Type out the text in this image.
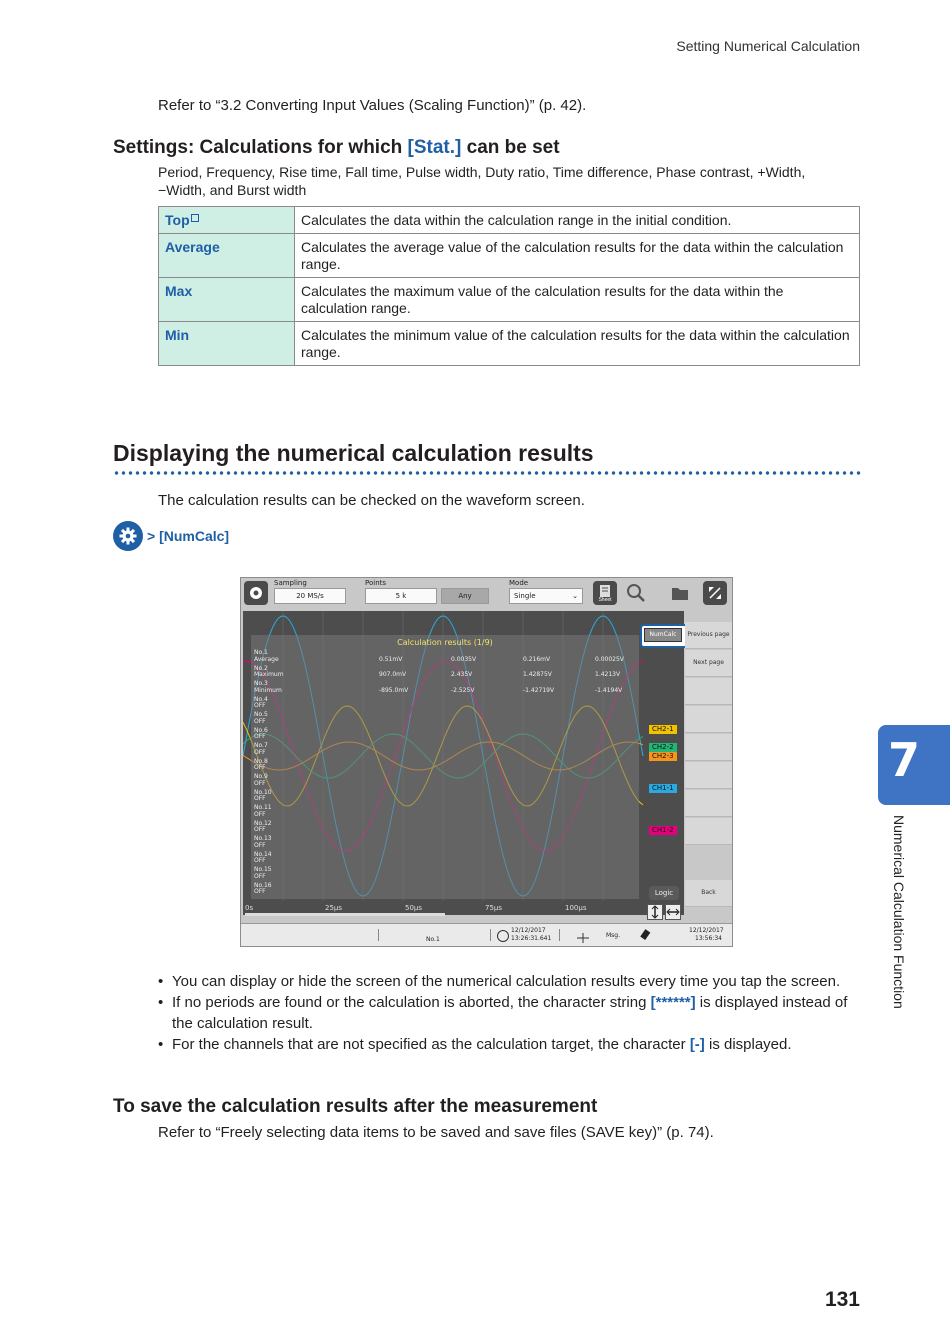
Setting Numerical Calculation
Refer to “3.2 Converting Input Values (Scaling Function)” (p. 42).
Settings: Calculations for which [Stat.] can be set
Period, Frequency, Rise time, Fall time, Pulse width, Duty ratio, Time difference, Phase contrast, +Width, −Width, and Burst width
Top	Calculates the data within the calculation range in the initial condition.
Average	Calculates the average value of the calculation results for the data within the calculation range.
Max	Calculates the maximum value of the calculation results for the data within the calculation range.
Min	Calculates the minimum value of the calculation results for the data within the calculation range.
Displaying the numerical calculation results
The calculation results can be checked on the waveform screen.
> [NumCalc]
Sampling
20 MS/s
Points
5 k	Any
Mode
Single	⌄	Sheet
Calculation results (1/9)
No.1
Average	0.51mV	0.0035V	0.216mV	0.00025V
No.2
Maximum	907.0mV	2.435V	1.42875V	1.4213V
No.3
Minimum	-895.0mV	-2.525V	-1.42719V	-1.4194V
No.4
OFF
No.5
OFF
No.6
OFF
No.7
OFF
No.8
OFF
No.9
OFF
No.10
OFF
No.11
OFF
No.12
OFF
No.13
OFF
No.14
OFF
No.15
OFF
No.16
OFF
0s	25μs	50μs	75μs	100μs
NumCalc
CH2-1
CH2-2
CH2-3
CH1-1
CH1-2
Previous page
Next page
Back
Logic
No.1
12/12/2017
13:26:31.641	Msg.
12/12/2017
13:56:34
• You can display or hide the screen of the numerical calculation results every time you tap the screen.
• If no periods are found or the calculation is aborted, the character string [******] is displayed instead of the calculation result.
• For the channels that are not specified as the calculation target, the character [-] is displayed.
To save the calculation results after the measurement
Refer to “Freely selecting data items to be saved and save files (SAVE key)” (p. 74).
131
7
Numerical Calculation Function
